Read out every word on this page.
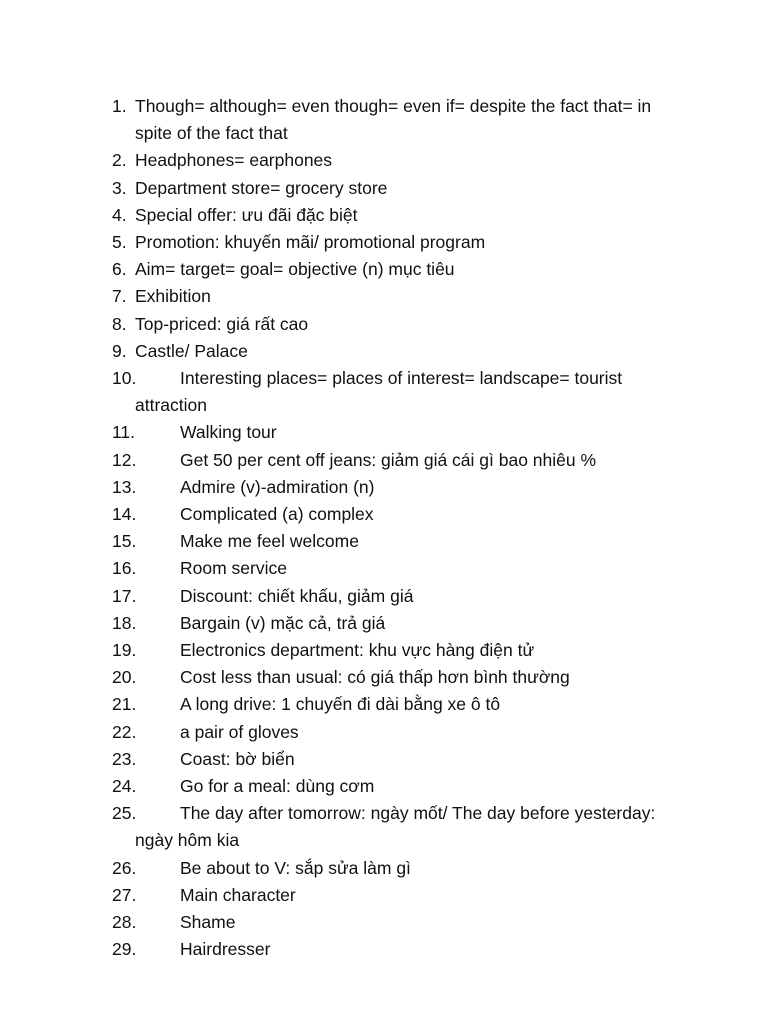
1. Though= although= even though= even if= despite the fact that= in spite of the fact that
2. Headphones= earphones
3. Department store= grocery store
4. Special offer: ưu đãi đặc biệt
5. Promotion: khuyến mãi/ promotional program
6. Aim= target= goal= objective (n) mục tiêu
7. Exhibition
8. Top-priced: giá rất cao
9. Castle/ Palace
10. Interesting places= places of interest= landscape= tourist attraction
11.	Walking tour
12. Get 50 per cent off jeans: giảm giá cái gì bao nhiêu %
13. Admire (v)-admiration (n)
14. Complicated (a) complex
15. Make me feel welcome
16. Room service
17. Discount: chiết khấu, giảm giá
18. Bargain (v) mặc cả, trả giá
19. Electronics department: khu vực hàng điện tử
20. Cost less than usual: có giá thấp hơn bình thường
21. A long drive: 1 chuyến đi dài bằng xe ô tô
22. a pair of gloves
23. Coast: bờ biển
24. Go for a meal: dùng cơm
25. The day after tomorrow: ngày mốt/ The day before yesterday: ngày hôm kia
26. Be about to V: sắp sửa làm gì
27. Main character
28. Shame
29. Hairdresser
